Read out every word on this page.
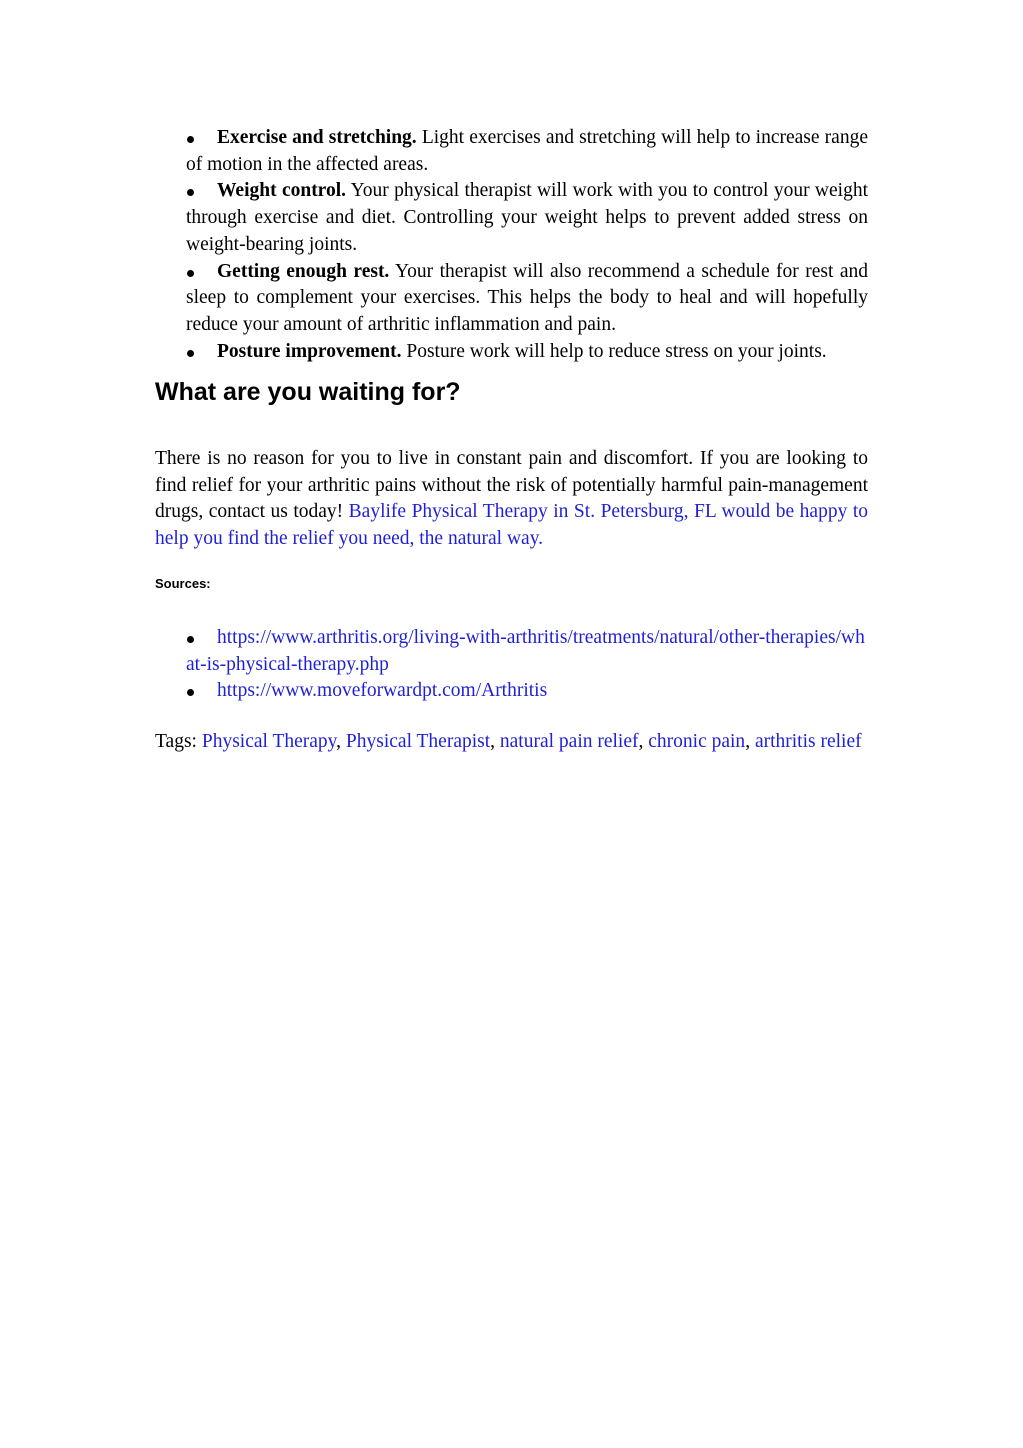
Exercise and stretching. Light exercises and stretching will help to increase range of motion in the affected areas.
Weight control. Your physical therapist will work with you to control your weight through exercise and diet. Controlling your weight helps to prevent added stress on weight-bearing joints.
Getting enough rest. Your therapist will also recommend a schedule for rest and sleep to complement your exercises. This helps the body to heal and will hopefully reduce your amount of arthritic inflammation and pain.
Posture improvement. Posture work will help to reduce stress on your joints.
What are you waiting for?

There is no reason for you to live in constant pain and discomfort. If you are looking to find relief for your arthritic pains without the risk of potentially harmful pain-management drugs, contact us today! Baylife Physical Therapy in St. Petersburg, FL would be happy to help you find the relief you need, the natural way.

Sources:

https://www.arthritis.org/living-with-arthritis/treatments/natural/other-therapies/what-is-physical-therapy.php
https://www.moveforwardpt.com/Arthritis

Tags: Physical Therapy, Physical Therapist, natural pain relief, chronic pain, arthritis relief
